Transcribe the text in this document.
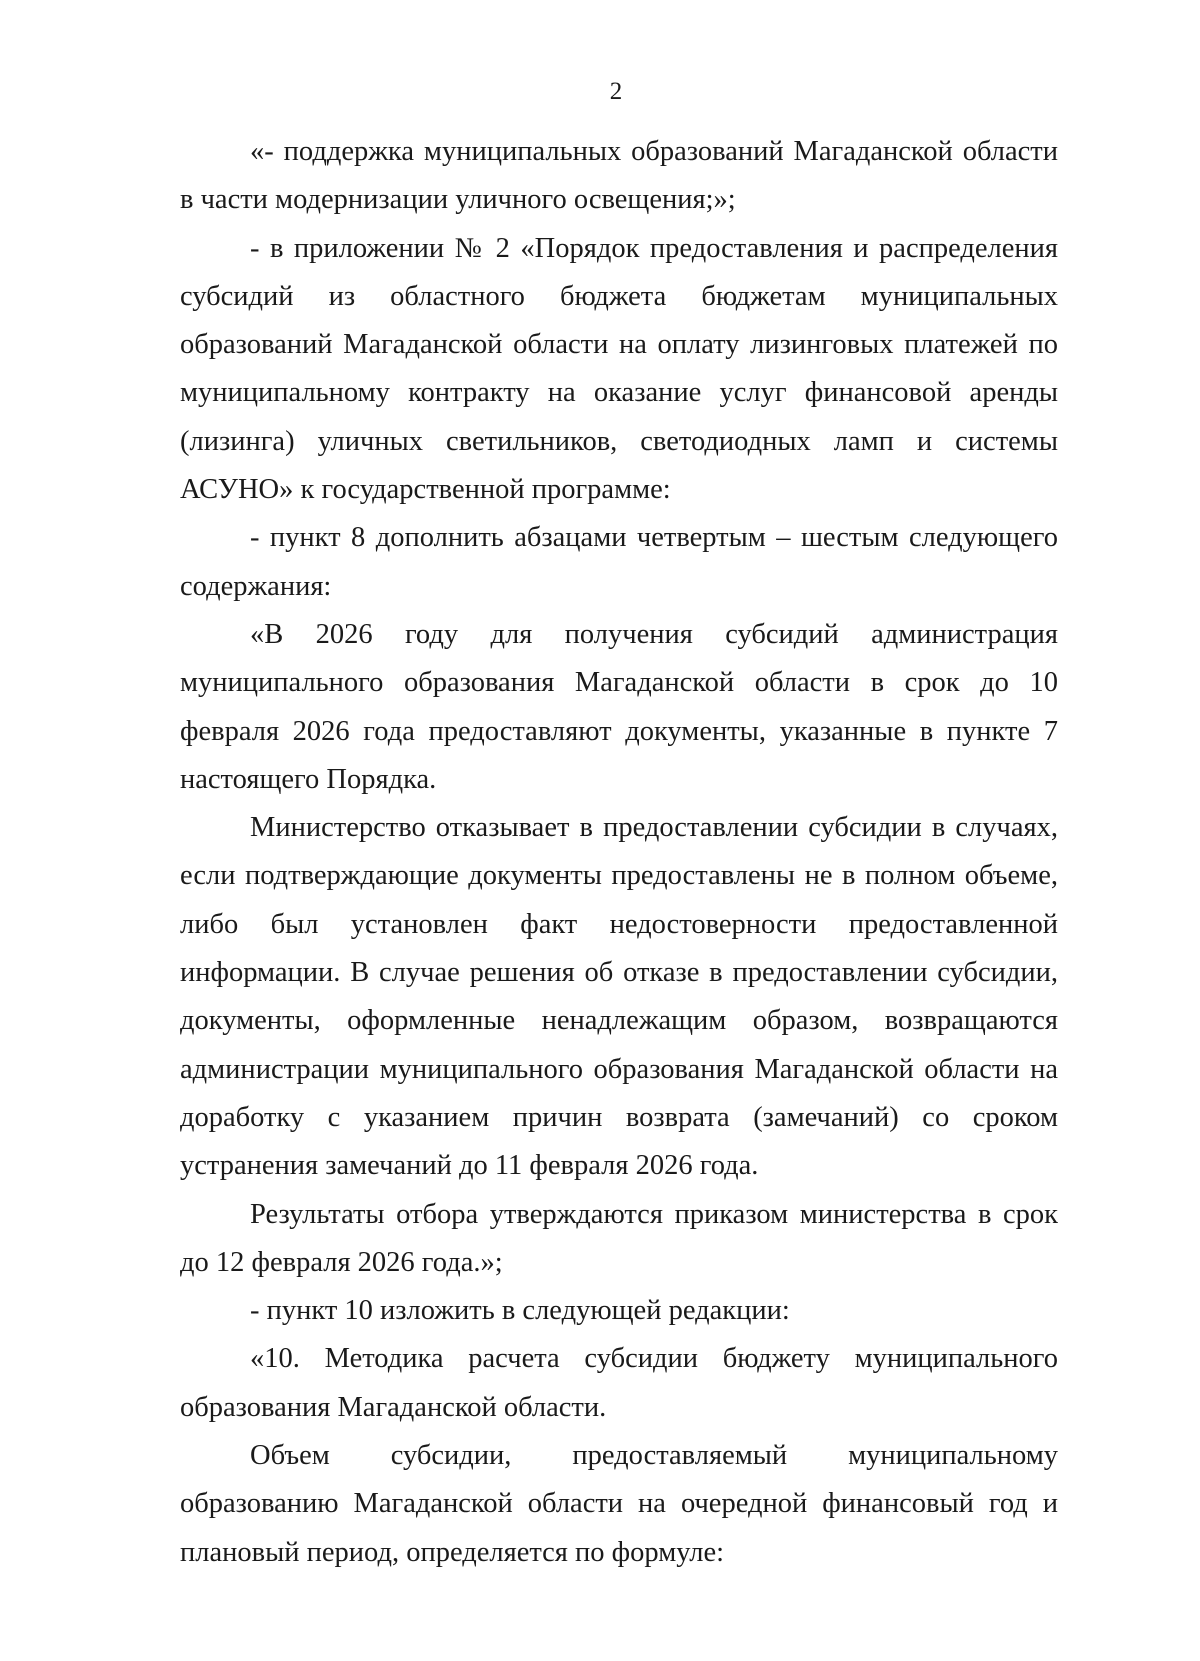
2

«- поддержка муниципальных образований Магаданской области в части модернизации уличного освещения;»;

- в приложении № 2 «Порядок предоставления и распределения субсидий из областного бюджета бюджетам муниципальных образований Магаданской области на оплату лизинговых платежей по муниципальному контракту на оказание услуг финансовой аренды (лизинга) уличных светильников, светодиодных ламп и системы АСУНО» к государственной программе:

- пункт 8 дополнить абзацами четвертым – шестым следующего содержания:

«В 2026 году для получения субсидий администрация муниципального образования Магаданской области в срок до 10 февраля 2026 года предоставляют документы, указанные в пункте 7 настоящего Порядка.

Министерство отказывает в предоставлении субсидии в случаях, если подтверждающие документы предоставлены не в полном объеме, либо был установлен факт недостоверности предоставленной информации. В случае решения об отказе в предоставлении субсидии, документы, оформленные ненадлежащим образом, возвращаются администрации муниципального образования Магаданской области на доработку с указанием причин возврата (замечаний) со сроком устранения замечаний до 11 февраля 2026 года.

Результаты отбора утверждаются приказом министерства в срок до 12 февраля 2026 года.»;

- пункт 10 изложить в следующей редакции:

«10. Методика расчета субсидии бюджету муниципального образования Магаданской области.

Объем субсидии, предоставляемый муниципальному образованию Магаданской области на очередной финансовый год и плановый период, определяется по формуле:
